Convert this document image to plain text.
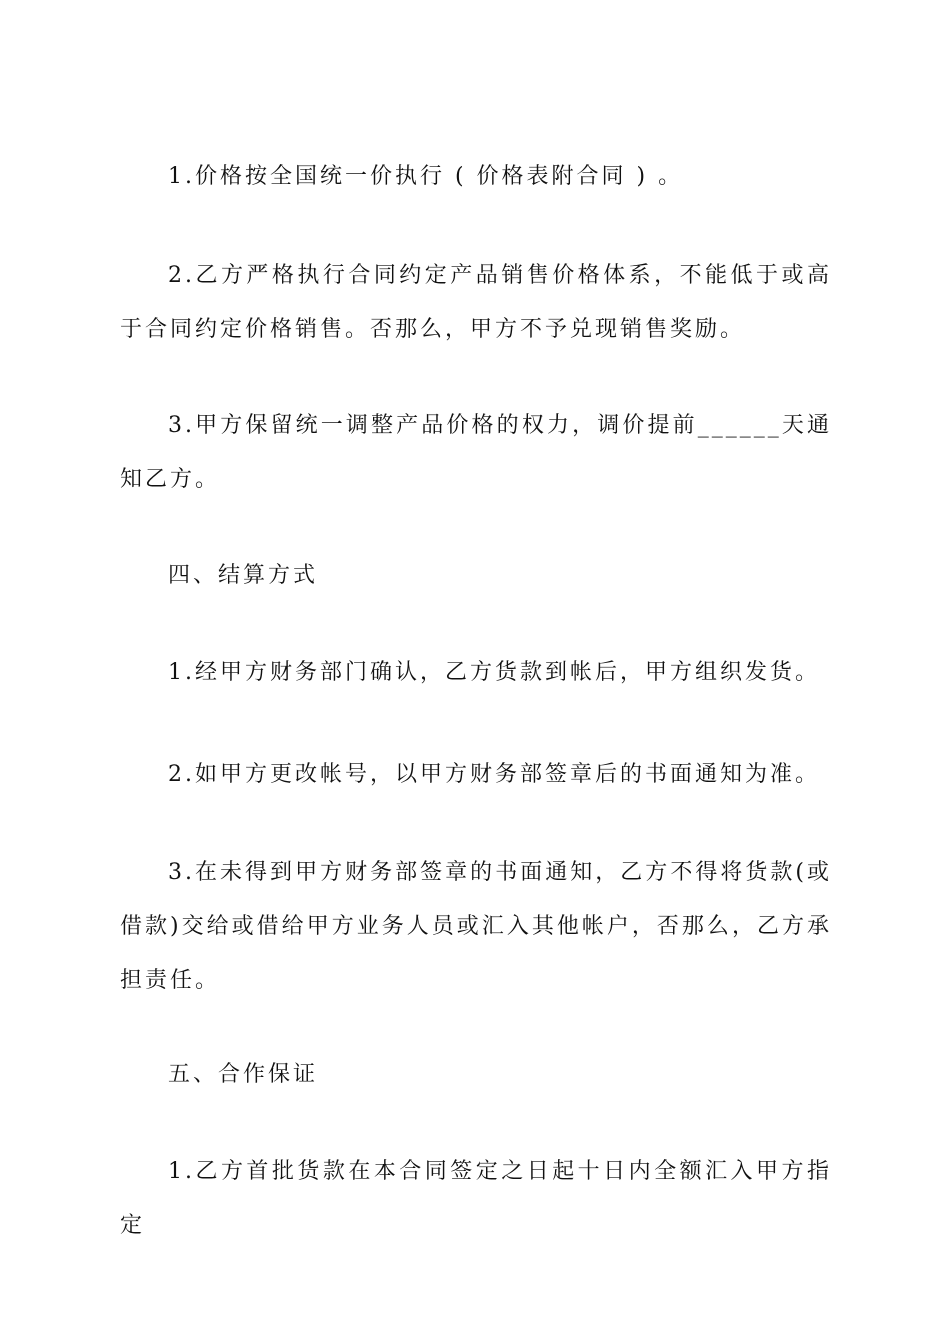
1.价格按全国统一价执行 ( 价格表附合同 ) 。
2.乙方严格执行合同约定产品销售价格体系，不能低于或高于合同约定价格销售。否那么，甲方不予兑现销售奖励。
3.甲方保留统一调整产品价格的权力，调价提前______天通知乙方。
四、结算方式
1.经甲方财务部门确认，乙方货款到帐后，甲方组织发货。
2.如甲方更改帐号，以甲方财务部签章后的书面通知为准。
3.在未得到甲方财务部签章的书面通知，乙方不得将货款(或借款)交给或借给甲方业务人员或汇入其他帐户，否那么，乙方承担责任。
五、合作保证
1.乙方首批货款在本合同签定之日起十日内全额汇入甲方指定
